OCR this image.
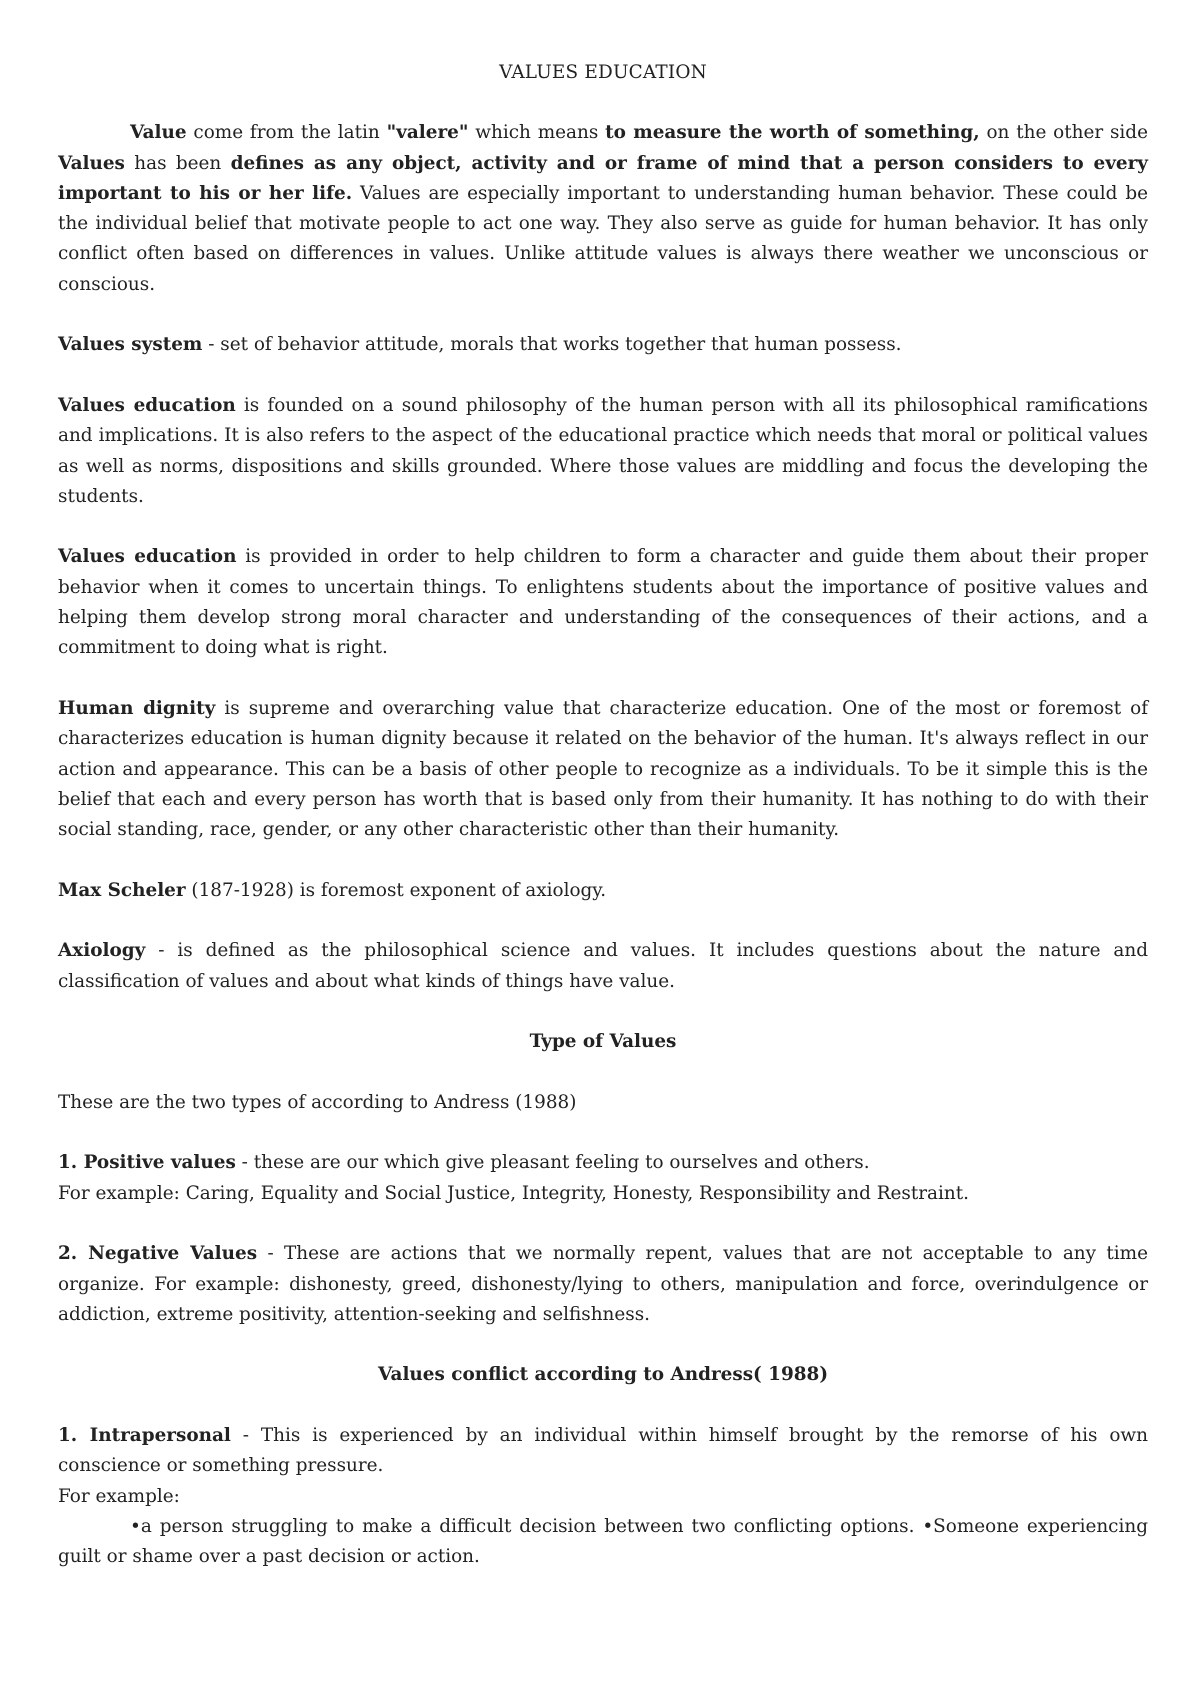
VALUES EDUCATION

Value come from the latin "valere" which means to measure the worth of something, on the other side Values has been defines as any object, activity and or frame of mind that a person considers to every important to his or her life. Values are especially important to understanding human behavior. These could be the individual belief that motivate people to act one way. They also serve as guide for human behavior. It has only conflict often based on differences in values. Unlike attitude values is always there weather we unconscious or conscious.

Values system - set of behavior attitude, morals that works together that human possess.

Values education is founded on a sound philosophy of the human person with all its philosophical ramifications and implications. It is also refers to the aspect of the educational practice which needs that moral or political values as well as norms, dispositions and skills grounded. Where those values are middling and focus the developing the students.

Values education is provided in order to help children to form a character and guide them about their proper behavior when it comes to uncertain things. To enlightens students about the importance of positive values and helping them develop strong moral character and understanding of the consequences of their actions, and a commitment to doing what is right.

Human dignity is supreme and overarching value that characterize education. One of the most or foremost of characterizes education is human dignity because it related on the behavior of the human. It's always reflect in our action and appearance. This can be a basis of other people to recognize as a individuals. To be it simple this is the belief that each and every person has worth that is based only from their humanity. It has nothing to do with their social standing, race, gender, or any other characteristic other than their humanity.

Max Scheler (187-1928) is foremost exponent of axiology.

Axiology - is defined as the philosophical science and values. It includes questions about the nature and classification of values and about what kinds of things have value.

Type of Values

These are the two types of according to Andress (1988)

1. Positive values - these are our which give pleasant feeling to ourselves and others.

For example: Caring, Equality and Social Justice, Integrity, Honesty, Responsibility and Restraint.

2. Negative Values - These are actions that we normally repent, values that are not acceptable to any time organize. For example: dishonesty, greed, dishonesty/lying to others, manipulation and force, overindulgence or addiction, extreme positivity, attention-seeking and selfishness.

Values conflict according to Andress( 1988)

1. Intrapersonal - This is experienced by an individual within himself brought by the remorse of his own conscience or something pressure.

For example:

•a person struggling to make a difficult decision between two conflicting options. •Someone experiencing guilt or shame over a past decision or action.
